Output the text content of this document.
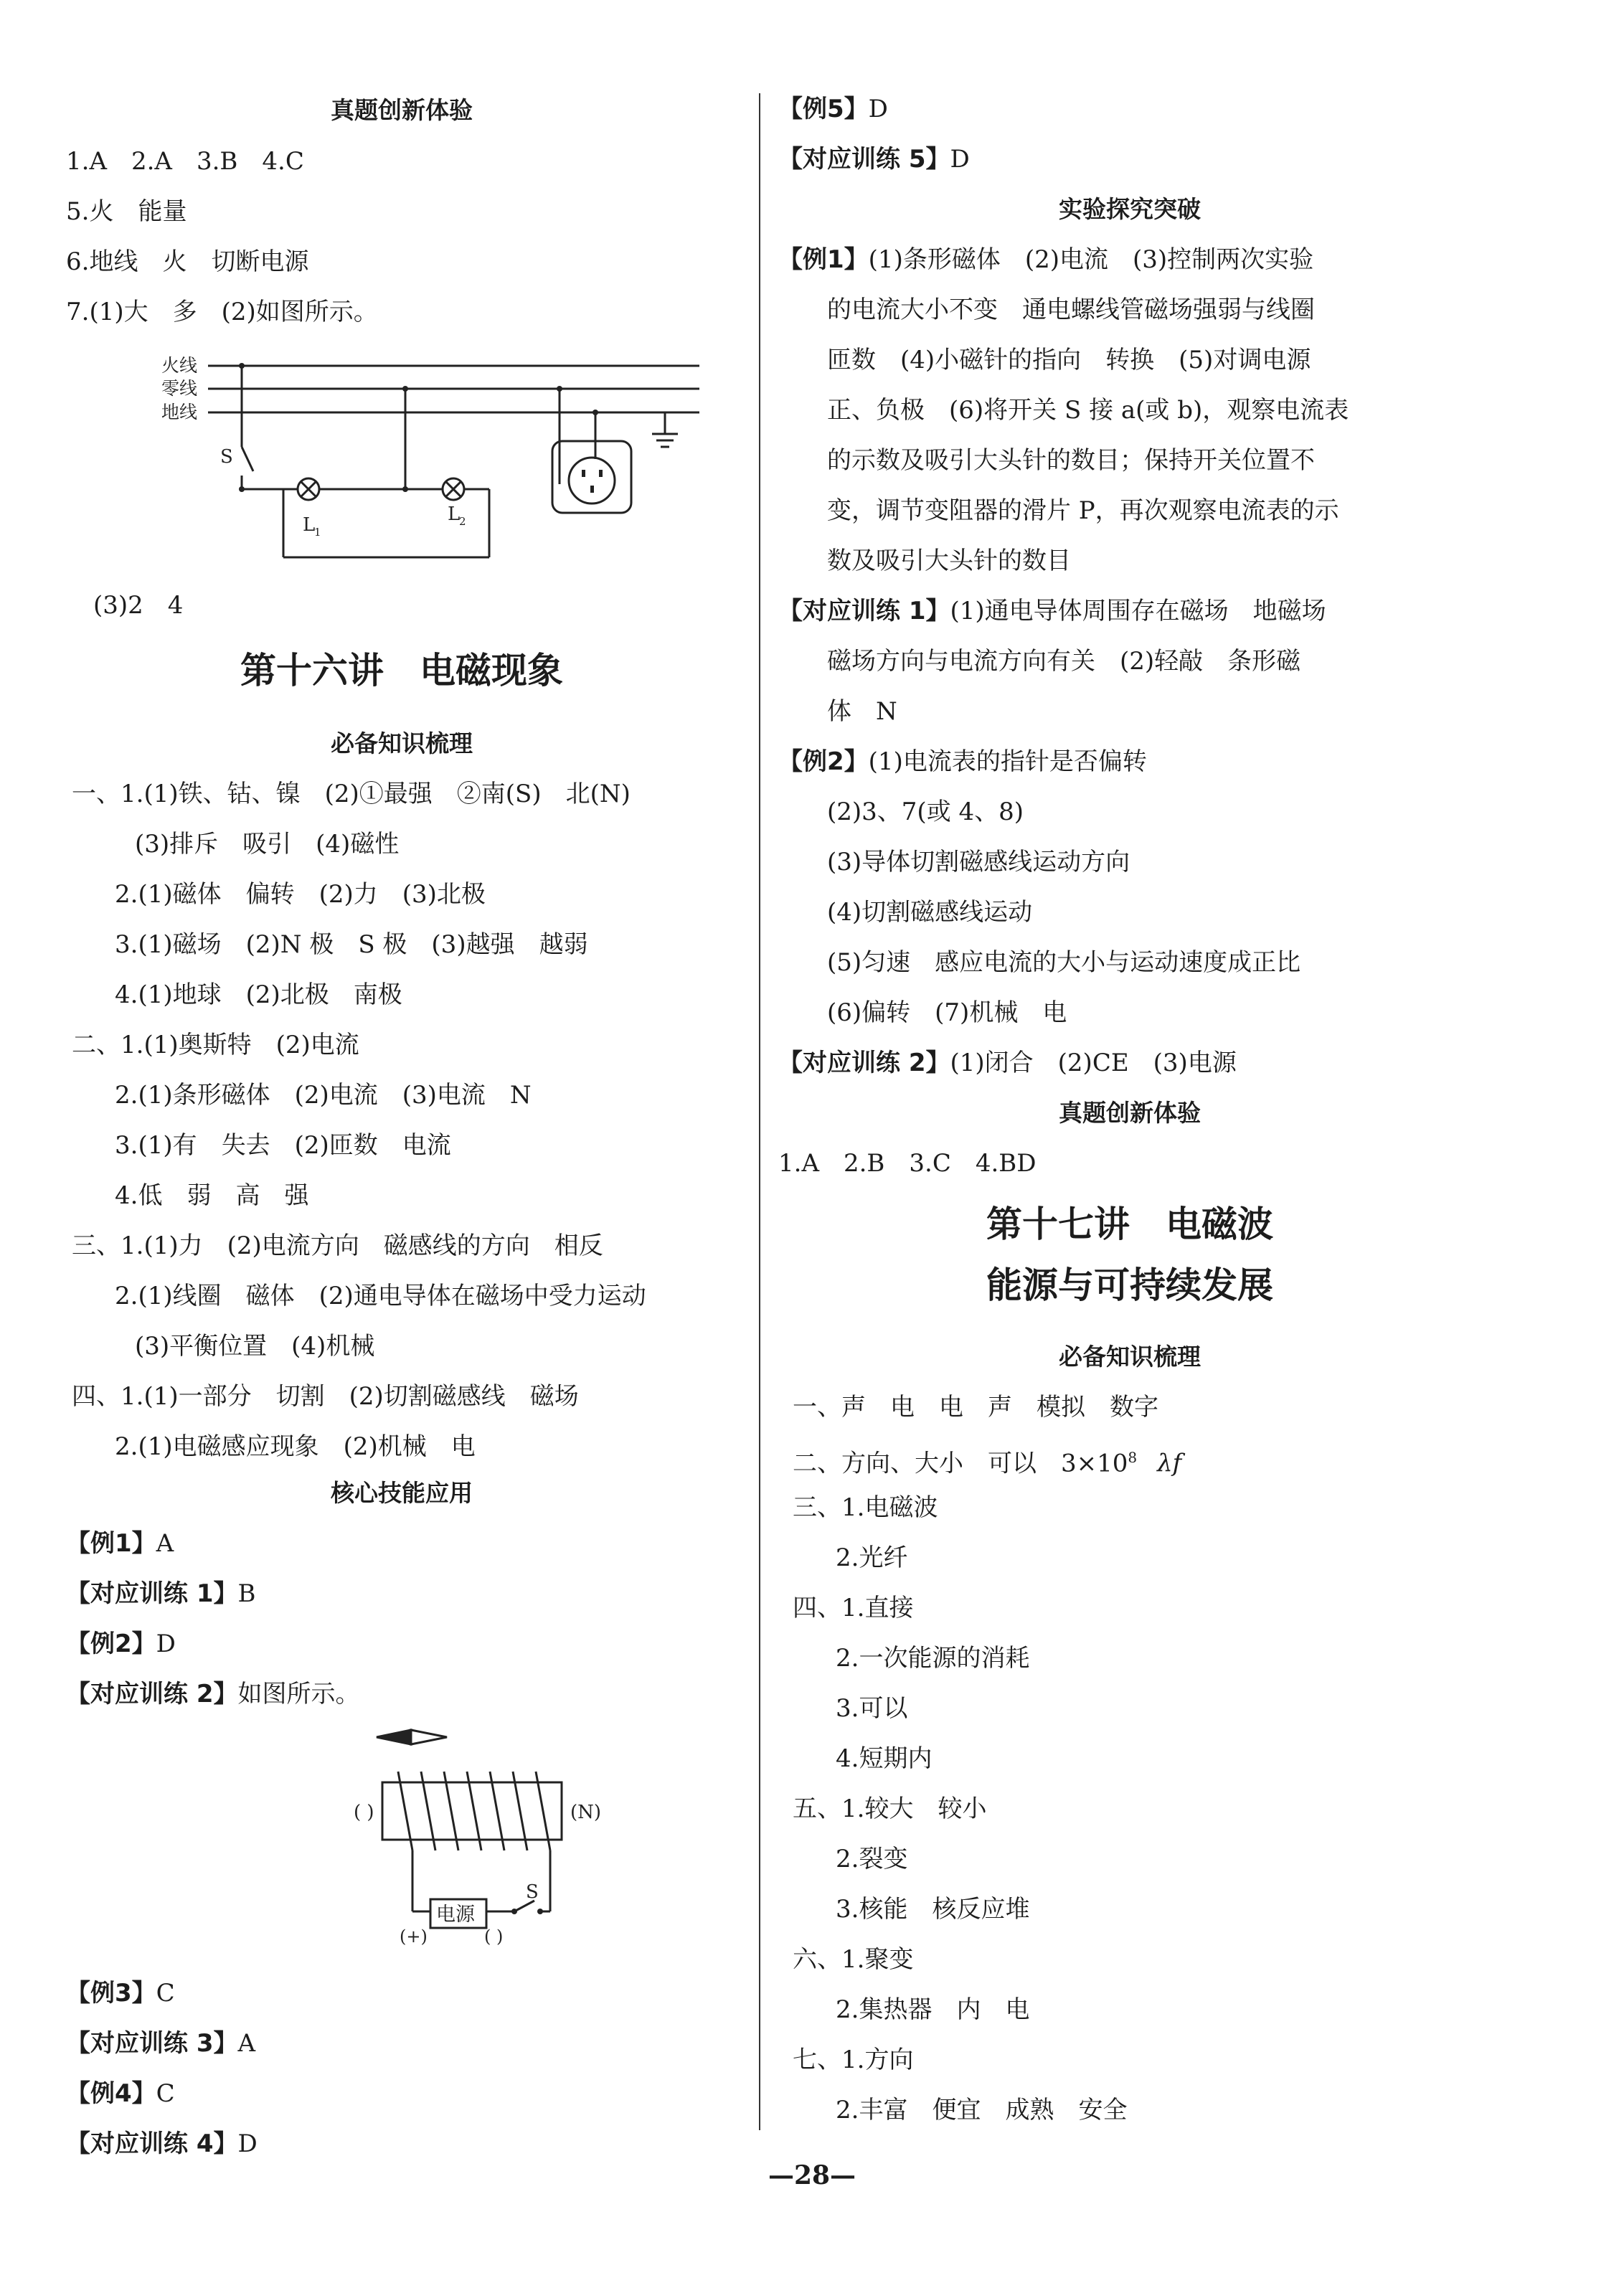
真题创新体验
1.A　2.A　3.B　4.C
5.火　能量
6.地线　火　切断电源
7.(1)大　多　(2)如图所示。
火线
零线
地线
S
L
1
L
2
(3)2　4
第十六讲　电磁现象
必备知识梳理
一、1.(1)铁、钴、镍　(2)①最强　②南(S)　北(N)
(3)排斥　吸引　(4)磁性
2.(1)磁体　偏转　(2)力　(3)北极
3.(1)磁场　(2)N 极　S 极　(3)越强　越弱
4.(1)地球　(2)北极　南极
二、1.(1)奥斯特　(2)电流
2.(1)条形磁体　(2)电流　(3)电流　N
3.(1)有　失去　(2)匝数　电流
4.低　弱　高　强
三、1.(1)力　(2)电流方向　磁感线的方向　相反
2.(1)线圈　磁体　(2)通电导体在磁场中受力运动
(3)平衡位置　(4)机械
四、1.(1)一部分　切割　(2)切割磁感线　磁场
2.(1)电磁感应现象　(2)机械　电
核心技能应用
【例1】A
【对应训练 1】B
【例2】D
【对应训练 2】如图所示。
( )	(N)
电源
(+)	( )
S
【例3】C
【对应训练 3】A
【例4】C
【对应训练 4】D
【例5】D
【对应训练 5】D
实验探究突破
【例1】(1)条形磁体　(2)电流　(3)控制两次实验
的电流大小不变　通电螺线管磁场强弱与线圈
匝数　(4)小磁针的指向　转换　(5)对调电源
正、负极　(6)将开关 S 接 a(或 b)，观察电流表
的示数及吸引大头针的数目；保持开关位置不
变，调节变阻器的滑片 P，再次观察电流表的示
数及吸引大头针的数目
【对应训练 1】(1)通电导体周围存在磁场　地磁场
磁场方向与电流方向有关　(2)轻敲　条形磁
体　N
【例2】(1)电流表的指针是否偏转
(2)3、7(或 4、8)
(3)导体切割磁感线运动方向
(4)切割磁感线运动
(5)匀速　感应电流的大小与运动速度成正比
(6)偏转　(7)机械　电
【对应训练 2】(1)闭合　(2)CE　(3)电源
真题创新体验
1.A　2.B　3.C　4.BD
第十七讲　电磁波
能源与可持续发展
必备知识梳理
一、声　电　电　声　模拟　数字
二、方向、大小　可以　$3\times 10^8$ λf
三、1.电磁波
2.光纤
四、1.直接
2.一次能源的消耗
3.可以
4.短期内
五、1.较大　较小
2.裂变
3.核能　核反应堆
六、1.聚变
2.集热器　内　电
七、1.方向
2.丰富　便宜　成熟　安全
—28—
